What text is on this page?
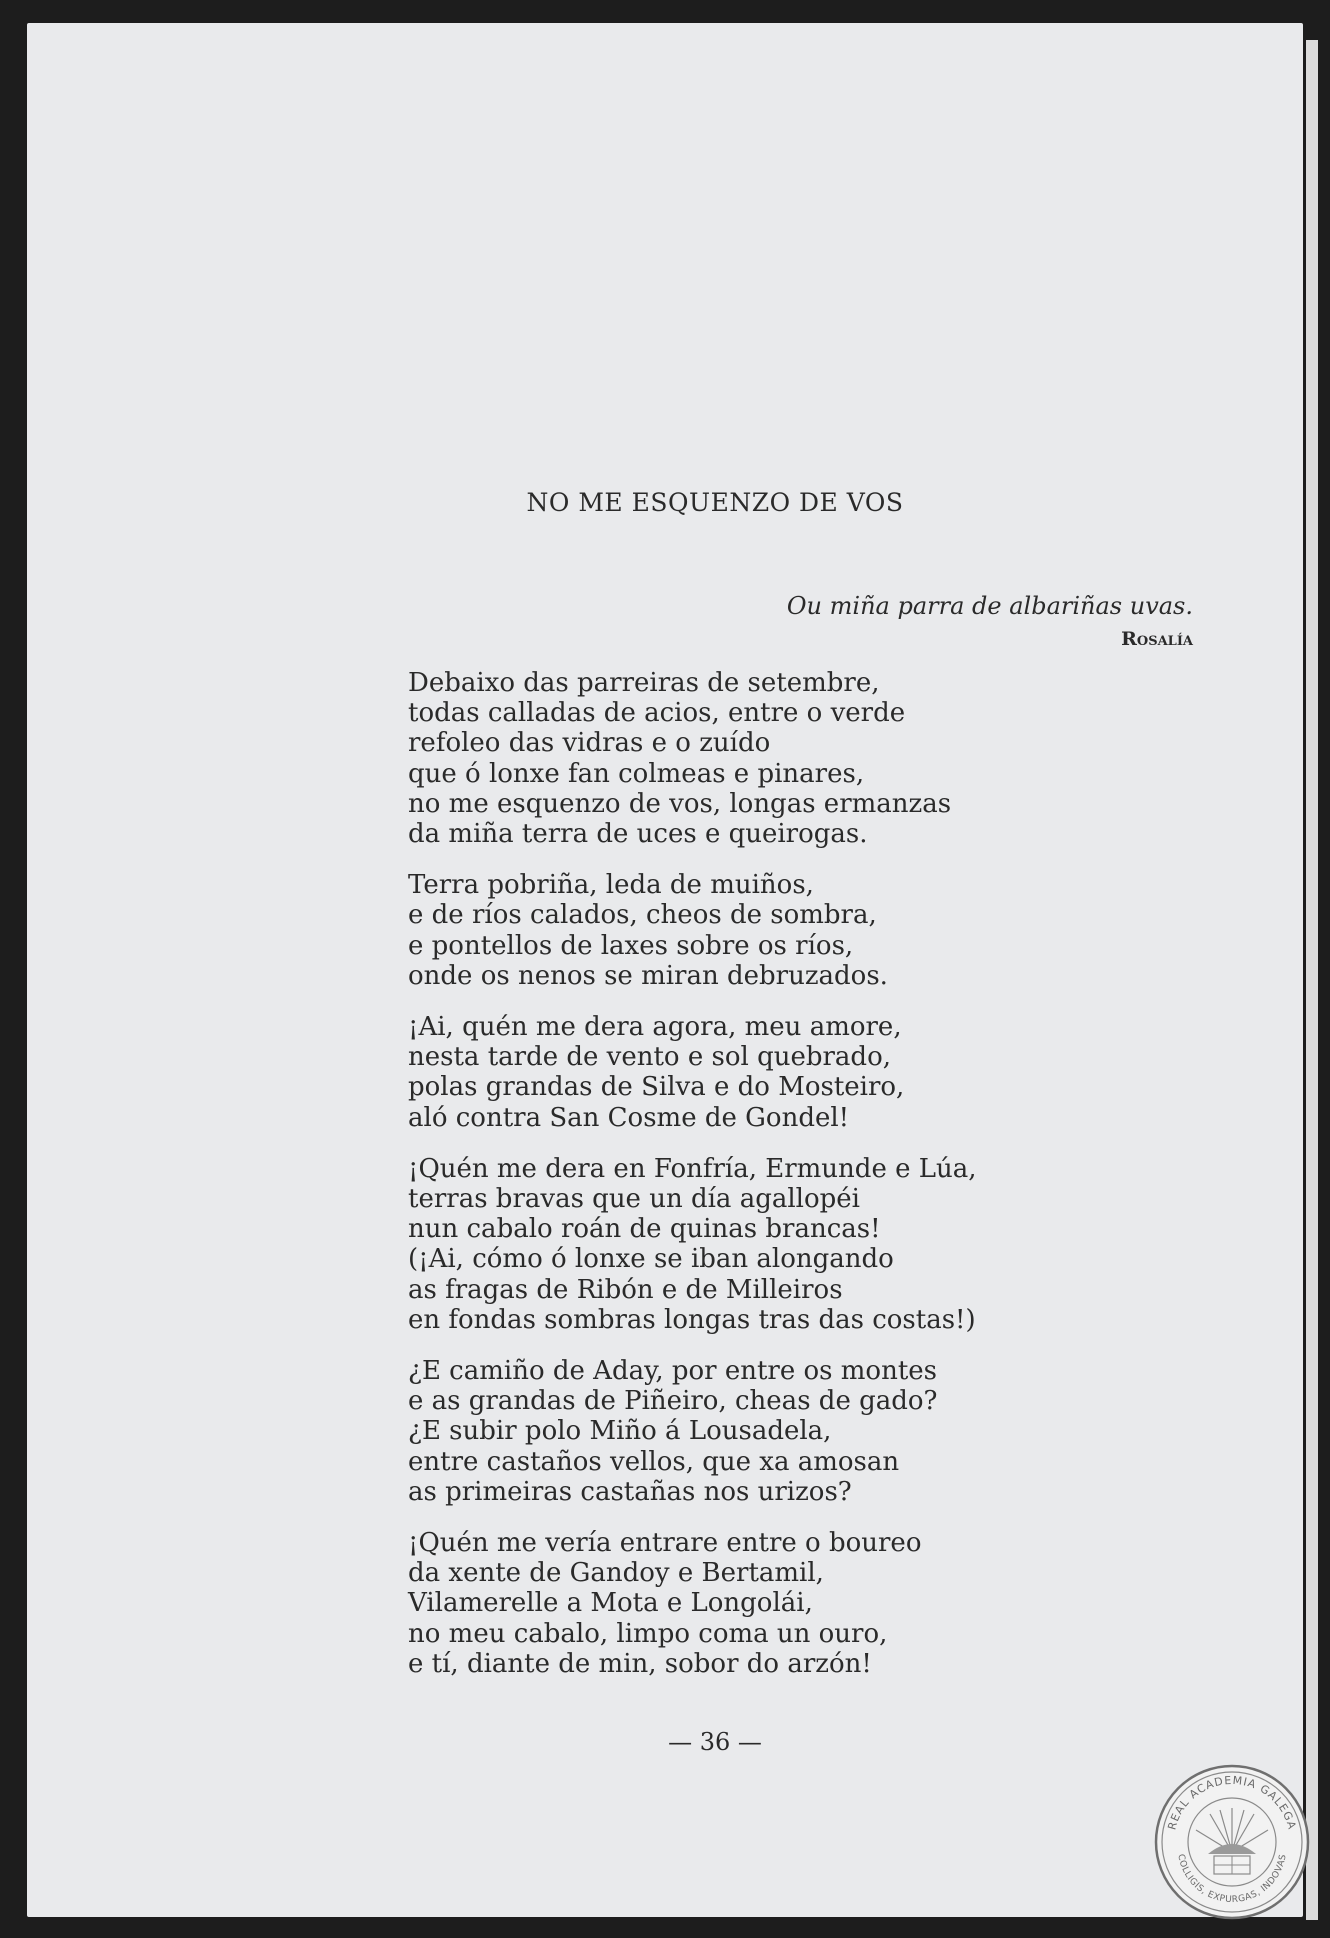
NO ME ESQUENZO DE VOS
Ou miña parra de albariñas uvas.
Rosalía
Debaixo das parreiras de setembre,
todas calladas de acios, entre o verde
refoleo das vidras e o zuído
que ó lonxe fan colmeas e pinares,
no me esquenzo de vos, longas ermanzas
da miña terra de uces e queirogas.
Terra pobriña, leda de muiños,
e de ríos calados, cheos de sombra,
e pontellos de laxes sobre os ríos,
onde os nenos se miran debruzados.
¡Ai, quén me dera agora, meu amore,
nesta tarde de vento e sol quebrado,
polas grandas de Silva e do Mosteiro,
aló contra San Cosme de Gondel!
¡Quén me dera en Fonfría, Ermunde e Lúa,
terras bravas que un día agallopéi
nun cabalo roán de quinas brancas!
(¡Ai, cómo ó lonxe se iban alongando
as fragas de Ribón e de Milleiros
en fondas sombras longas tras das costas!)
¿E camiño de Aday, por entre os montes
e as grandas de Piñeiro, cheas de gado?
¿E subir polo Miño á Lousadela,
entre castaños vellos, que xa amosan
as primeiras castañas nos urizos?
¡Quén me vería entrare entre o boureo
da xente de Gandoy e Bertamil,
Vilamerelle a Mota e Longolái,
no meu cabalo, limpo coma un ouro,
e tí, diante de min, sobor do arzón!
— 36 —
REAL ACADEMIA GALEGA
COLLIGIS, EXPURGAS, INDOVAS
